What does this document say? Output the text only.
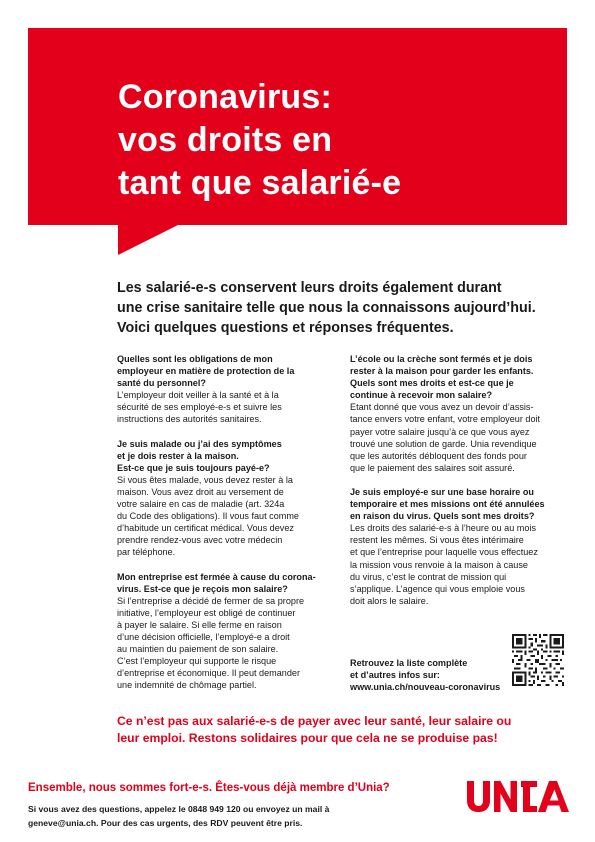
Coronavirus:
vos droits en
tant que salarié-e

Les salarié-e-s conservent leurs droits également durant
une crise sanitaire telle que nous la connaissons aujourd’hui.
Voici quelques questions et réponses fréquentes.

Quelles sont les obligations de mon
employeur en matière de protection de la
santé du personnel?
L’employeur doit veiller à la santé et à la
sécurité de ses employé-e-s et suivre les
instructions des autorités sanitaires.
Je suis malade ou j’ai des symptômes
et je dois rester à la maison.
Est-ce que je suis toujours payé-e?
Si vous êtes malade, vous devez rester à la
maison. Vous avez droit au versement de
votre salaire en cas de maladie (art. 324a
du Code des obligations). Il vous faut comme
d’habitude un certificat médical. Vous devez
prendre rendez-vous avec votre médecin
par téléphone.
Mon entreprise est fermée à cause du corona-
virus. Est-ce que je reçois mon salaire?
Si l’entreprise a décidé de fermer de sa propre
initiative, l’employeur est obligé de continuer
à payer le salaire. Si elle ferme en raison
d’une décision officielle, l’employé-e a droit
au maintien du paiement de son salaire.
C’est l’employeur qui supporte le risque
d’entreprise et économique. Il peut demander
une indemnité de chômage partiel.
L’école ou la crèche sont fermés et je dois
rester à la maison pour garder les enfants.
Quels sont mes droits et est-ce que je
continue à recevoir mon salaire?
Etant donné que vous avez un devoir d’assis-
tance envers votre enfant, votre employeur doit
payer votre salaire jusqu’à ce que vous ayez
trouvé une solution de garde. Unia revendique
que les autorités débloquent des fonds pour
que le paiement des salaires soit assuré.
Je suis employé-e sur une base horaire ou
temporaire et mes missions ont été annulées
en raison du virus. Quels sont mes droits?
Les droits des salarié-e-s à l’heure ou au mois
restent les mêmes. Si vous êtes intérimaire
et que l’entreprise pour laquelle vous effectuez
la mission vous renvoie à la maison à cause
du virus, c’est le contrat de mission qui
s’applique. L’agence qui vous emploie vous
doit alors le salaire.
Retrouvez la liste complète
et d’autres infos sur:
www.unia.ch/nouveau-coronavirus

Ce n’est pas aux salarié-e-s de payer avec leur santé, leur salaire ou
leur emploi. Restons solidaires pour que cela ne se produise pas!

Ensemble, nous sommes fort-e-s. Êtes-vous déjà membre d’Unia?

Si vous avez des questions, appelez le 0848 949 120 ou envoyez un mail à
geneve@unia.ch. Pour des cas urgents, des RDV peuvent être pris.
